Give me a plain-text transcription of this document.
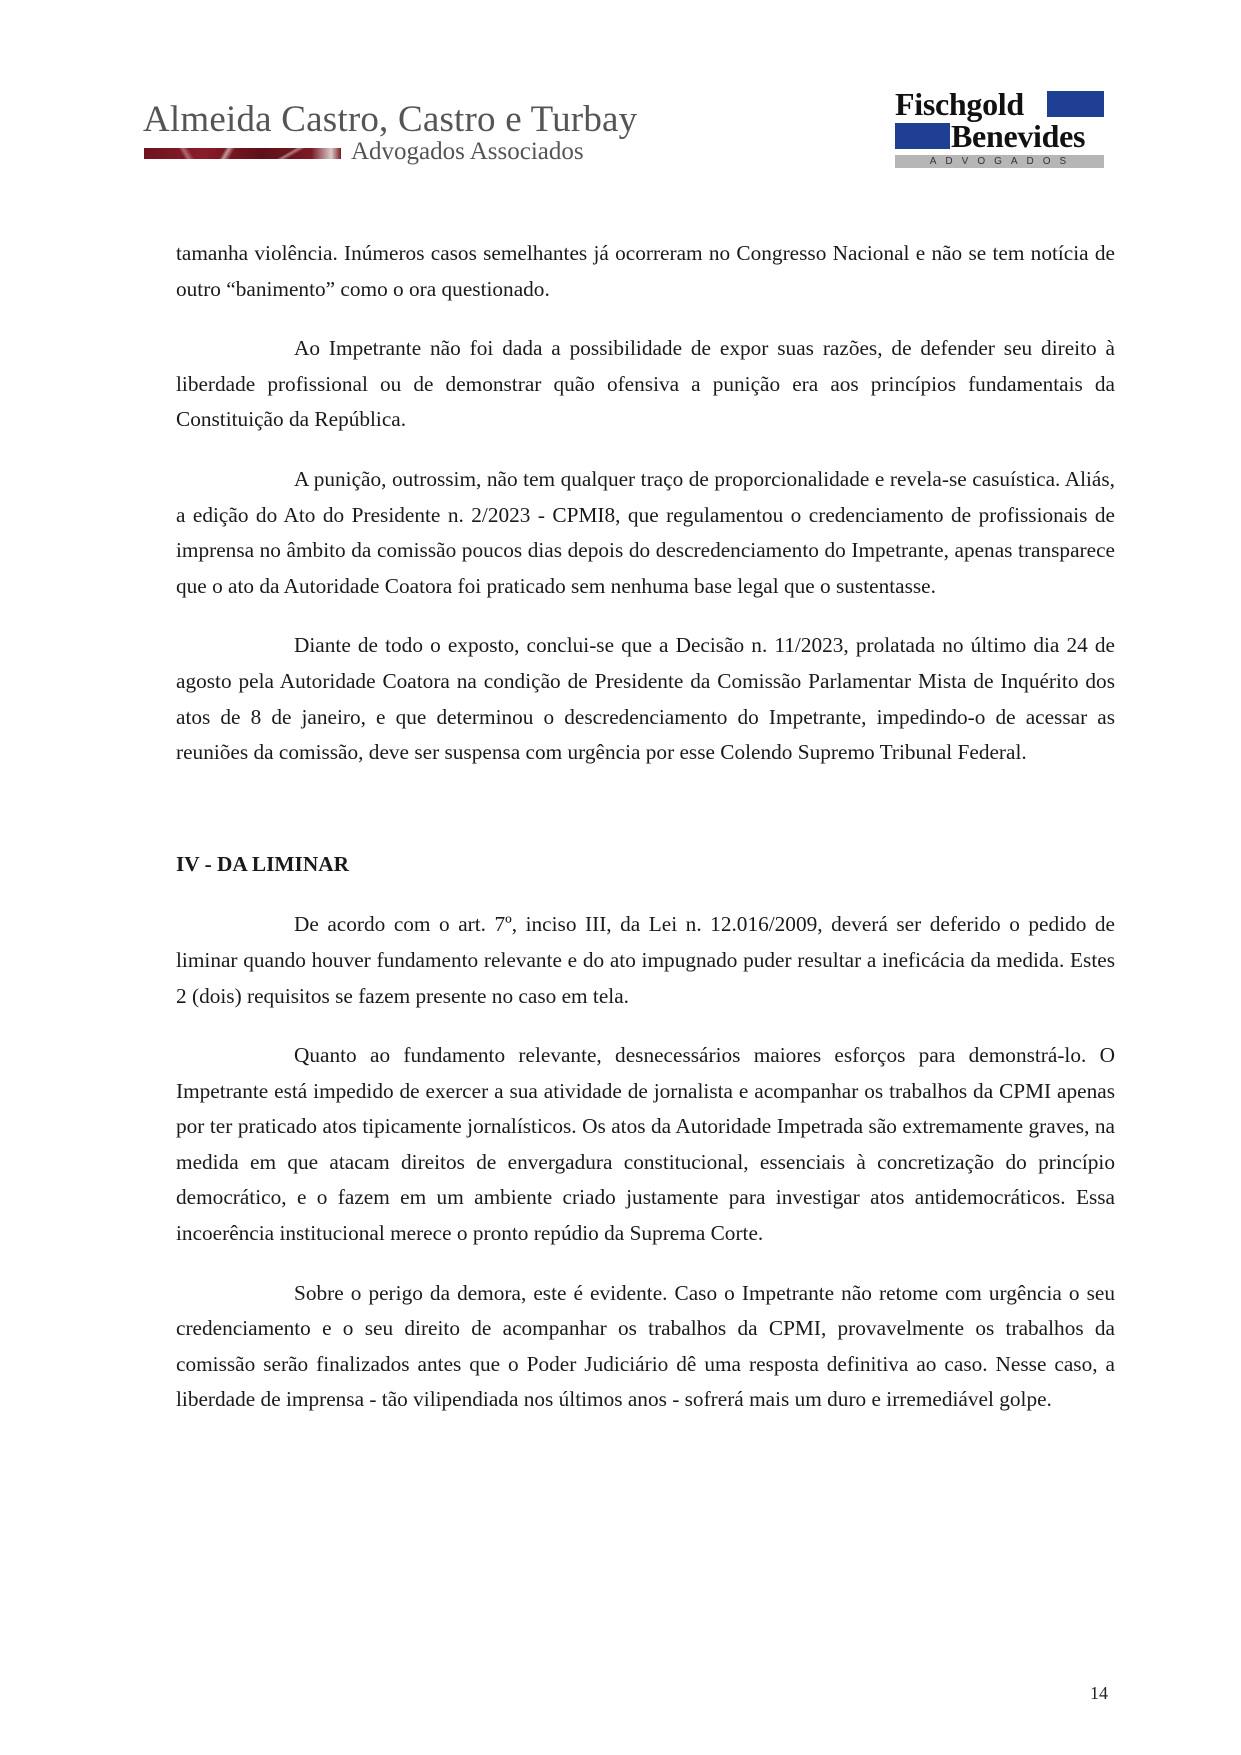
Almeida Castro, Castro e Turbay
Advogados Associados
Fischgold
Benevides
ADVOGADOS

tamanha violência. Inúmeros casos semelhantes já ocorreram no Congresso Nacional e não se tem notícia de outro “banimento” como o ora questionado.

Ao Impetrante não foi dada a possibilidade de expor suas razões, de defender seu direito à liberdade profissional ou de demonstrar quão ofensiva a punição era aos princípios fundamentais da Constituição da República.

A punição, outrossim, não tem qualquer traço de proporcionalidade e revela-se casuística. Aliás, a edição do Ato do Presidente n. 2/2023 - CPMI8, que regulamentou o credenciamento de profissionais de imprensa no âmbito da comissão poucos dias depois do descredenciamento do Impetrante, apenas transparece que o ato da Autoridade Coatora foi praticado sem nenhuma base legal que o sustentasse.

Diante de todo o exposto, conclui-se que a Decisão n. 11/2023, prolatada no último dia 24 de agosto pela Autoridade Coatora na condição de Presidente da Comissão Parlamentar Mista de Inquérito dos atos de 8 de janeiro, e que determinou o descredenciamento do Impetrante, impedindo-o de acessar as reuniões da comissão, deve ser suspensa com urgência por esse Colendo Supremo Tribunal Federal.

IV - DA LIMINAR

De acordo com o art. 7º, inciso III, da Lei n. 12.016/2009, deverá ser deferido o pedido de liminar quando houver fundamento relevante e do ato impugnado puder resultar a ineficácia da medida. Estes 2 (dois) requisitos se fazem presente no caso em tela.

Quanto ao fundamento relevante, desnecessários maiores esforços para demonstrá-lo. O Impetrante está impedido de exercer a sua atividade de jornalista e acompanhar os trabalhos da CPMI apenas por ter praticado atos tipicamente jornalísticos. Os atos da Autoridade Impetrada são extremamente graves, na medida em que atacam direitos de envergadura constitucional, essenciais à concretização do princípio democrático, e o fazem em um ambiente criado justamente para investigar atos antidemocráticos. Essa incoerência institucional merece o pronto repúdio da Suprema Corte.

Sobre o perigo da demora, este é evidente. Caso o Impetrante não retome com urgência o seu credenciamento e o seu direito de acompanhar os trabalhos da CPMI, provavelmente os trabalhos da comissão serão finalizados antes que o Poder Judiciário dê uma resposta definitiva ao caso. Nesse caso, a liberdade de imprensa - tão vilipendiada nos últimos anos - sofrerá mais um duro e irremediável golpe.

14
